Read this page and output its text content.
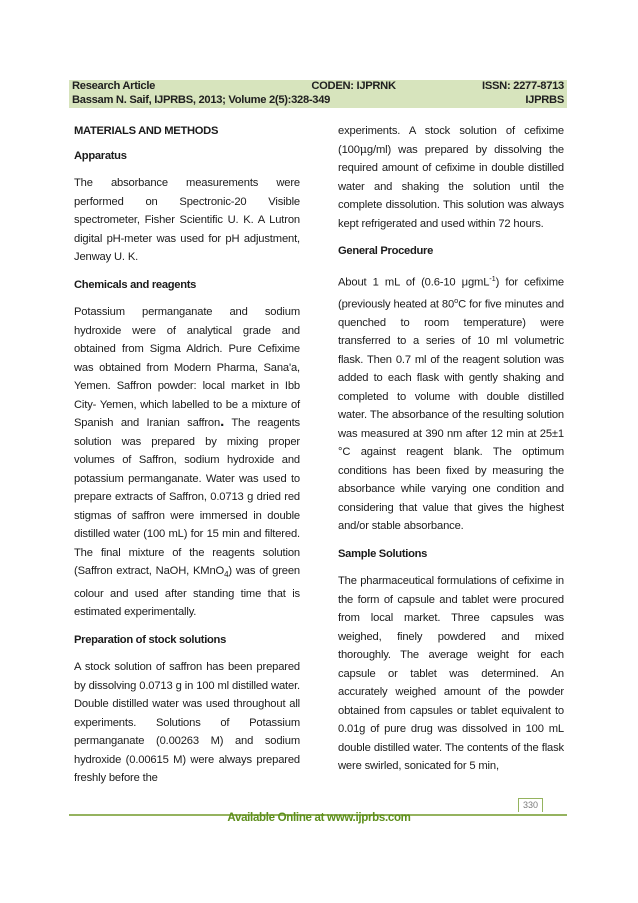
Research Article	CODEN: IJPRNK	ISSN: 2277-8713
Bassam N. Saif, IJPRBS, 2013; Volume 2(5):328-349	IJPRBS
MATERIALS AND METHODS
Apparatus

The absorbance measurements were performed on Spectronic-20 Visible spectrometer, Fisher Scientific U. K. A Lutron digital pH-meter was used for pH adjustment, Jenway U. K.

Chemicals and reagents

Potassium permanganate and sodium hydroxide were of analytical grade and obtained from Sigma Aldrich. Pure Cefixime was obtained from Modern Pharma, Sana'a, Yemen. Saffron powder: local market in Ibb City- Yemen, which labelled to be a mixture of Spanish and Iranian saffron. The reagents solution was prepared by mixing proper volumes of Saffron, sodium hydroxide and potassium permanganate. Water was used to prepare extracts of Saffron, 0.0713 g dried red stigmas of saffron were immersed in double distilled water (100 mL) for 15 min and filtered. The final mixture of the reagents solution (Saffron extract, NaOH, KMnO$_4$) was of green colour and used after standing time that is estimated experimentally.

Preparation of stock solutions

A stock solution of saffron has been prepared by dissolving 0.0713 g in 100 ml distilled water. Double distilled water was used throughout all experiments. Solutions of Potassium permanganate (0.00263 M) and sodium hydroxide (0.00615 M) were always prepared freshly before the

experiments. A stock solution of cefixime (100μg/ml) was prepared by dissolving the required amount of cefixime in double distilled water and shaking the solution until the complete dissolution. This solution was always kept refrigerated and used within 72 hours.

General Procedure

About 1 mL of (0.6-10 μgmL$^{-1}$) for cefixime (previously heated at 80$^o$C for five minutes and quenched to room temperature) were transferred to a series of 10 ml volumetric flask. Then 0.7 ml of the reagent solution was added to each flask with gently shaking and completed to volume with double distilled water. The absorbance of the resulting solution was measured at 390 nm after 12 min at 25±1 °C against reagent blank. The optimum conditions has been fixed by measuring the absorbance while varying one condition and considering that value that gives the highest and/or stable absorbance.

Sample Solutions

The pharmaceutical formulations of cefixime in the form of capsule and tablet were procured from local market. Three capsules was weighed, finely powdered and mixed thoroughly. The average weight for each capsule or tablet was determined. An accurately weighed amount of the powder obtained from capsules or tablet equivalent to 0.01g of pure drug was dissolved in 100 mL double distilled water. The contents of the flask were swirled, sonicated for 5 min,

330
Available Online at www.ijprbs.com
